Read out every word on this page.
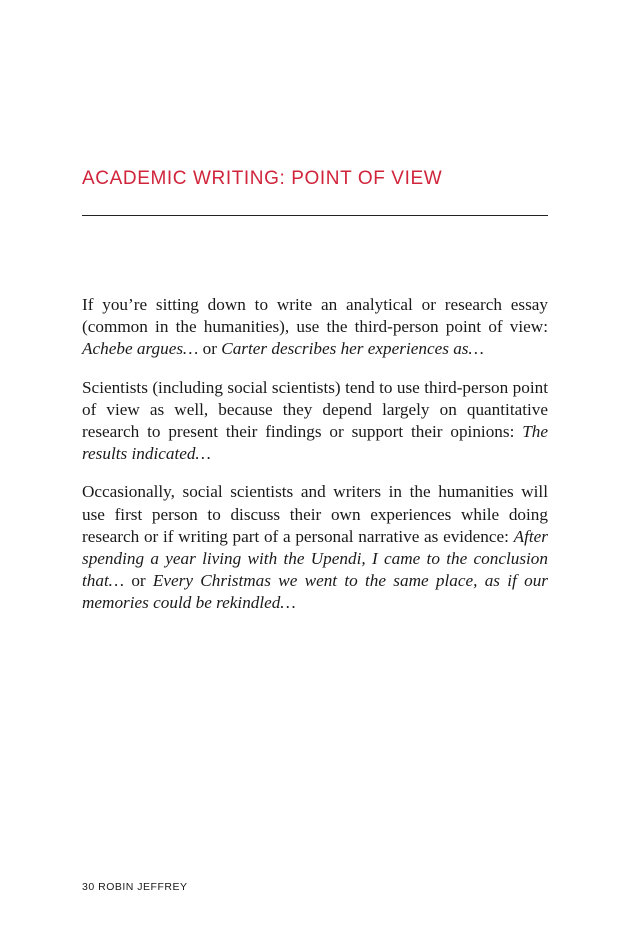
ACADEMIC WRITING: POINT OF VIEW

If you’re sitting down to write an analytical or research essay (common in the humanities), use the third-person point of view: Achebe argues… or Carter describes her experiences as…

Scientists (including social scientists) tend to use third-person point of view as well, because they depend largely on quantitative research to present their findings or support their opinions: The results indicated…

Occasionally, social scientists and writers in the humanities will use first person to discuss their own experiences while doing research or if writing part of a personal narrative as evidence: After spending a year living with the Upendi, I came to the conclusion that… or Every Christmas we went to the same place, as if our memories could be rekindled…

30 ROBIN JEFFREY
